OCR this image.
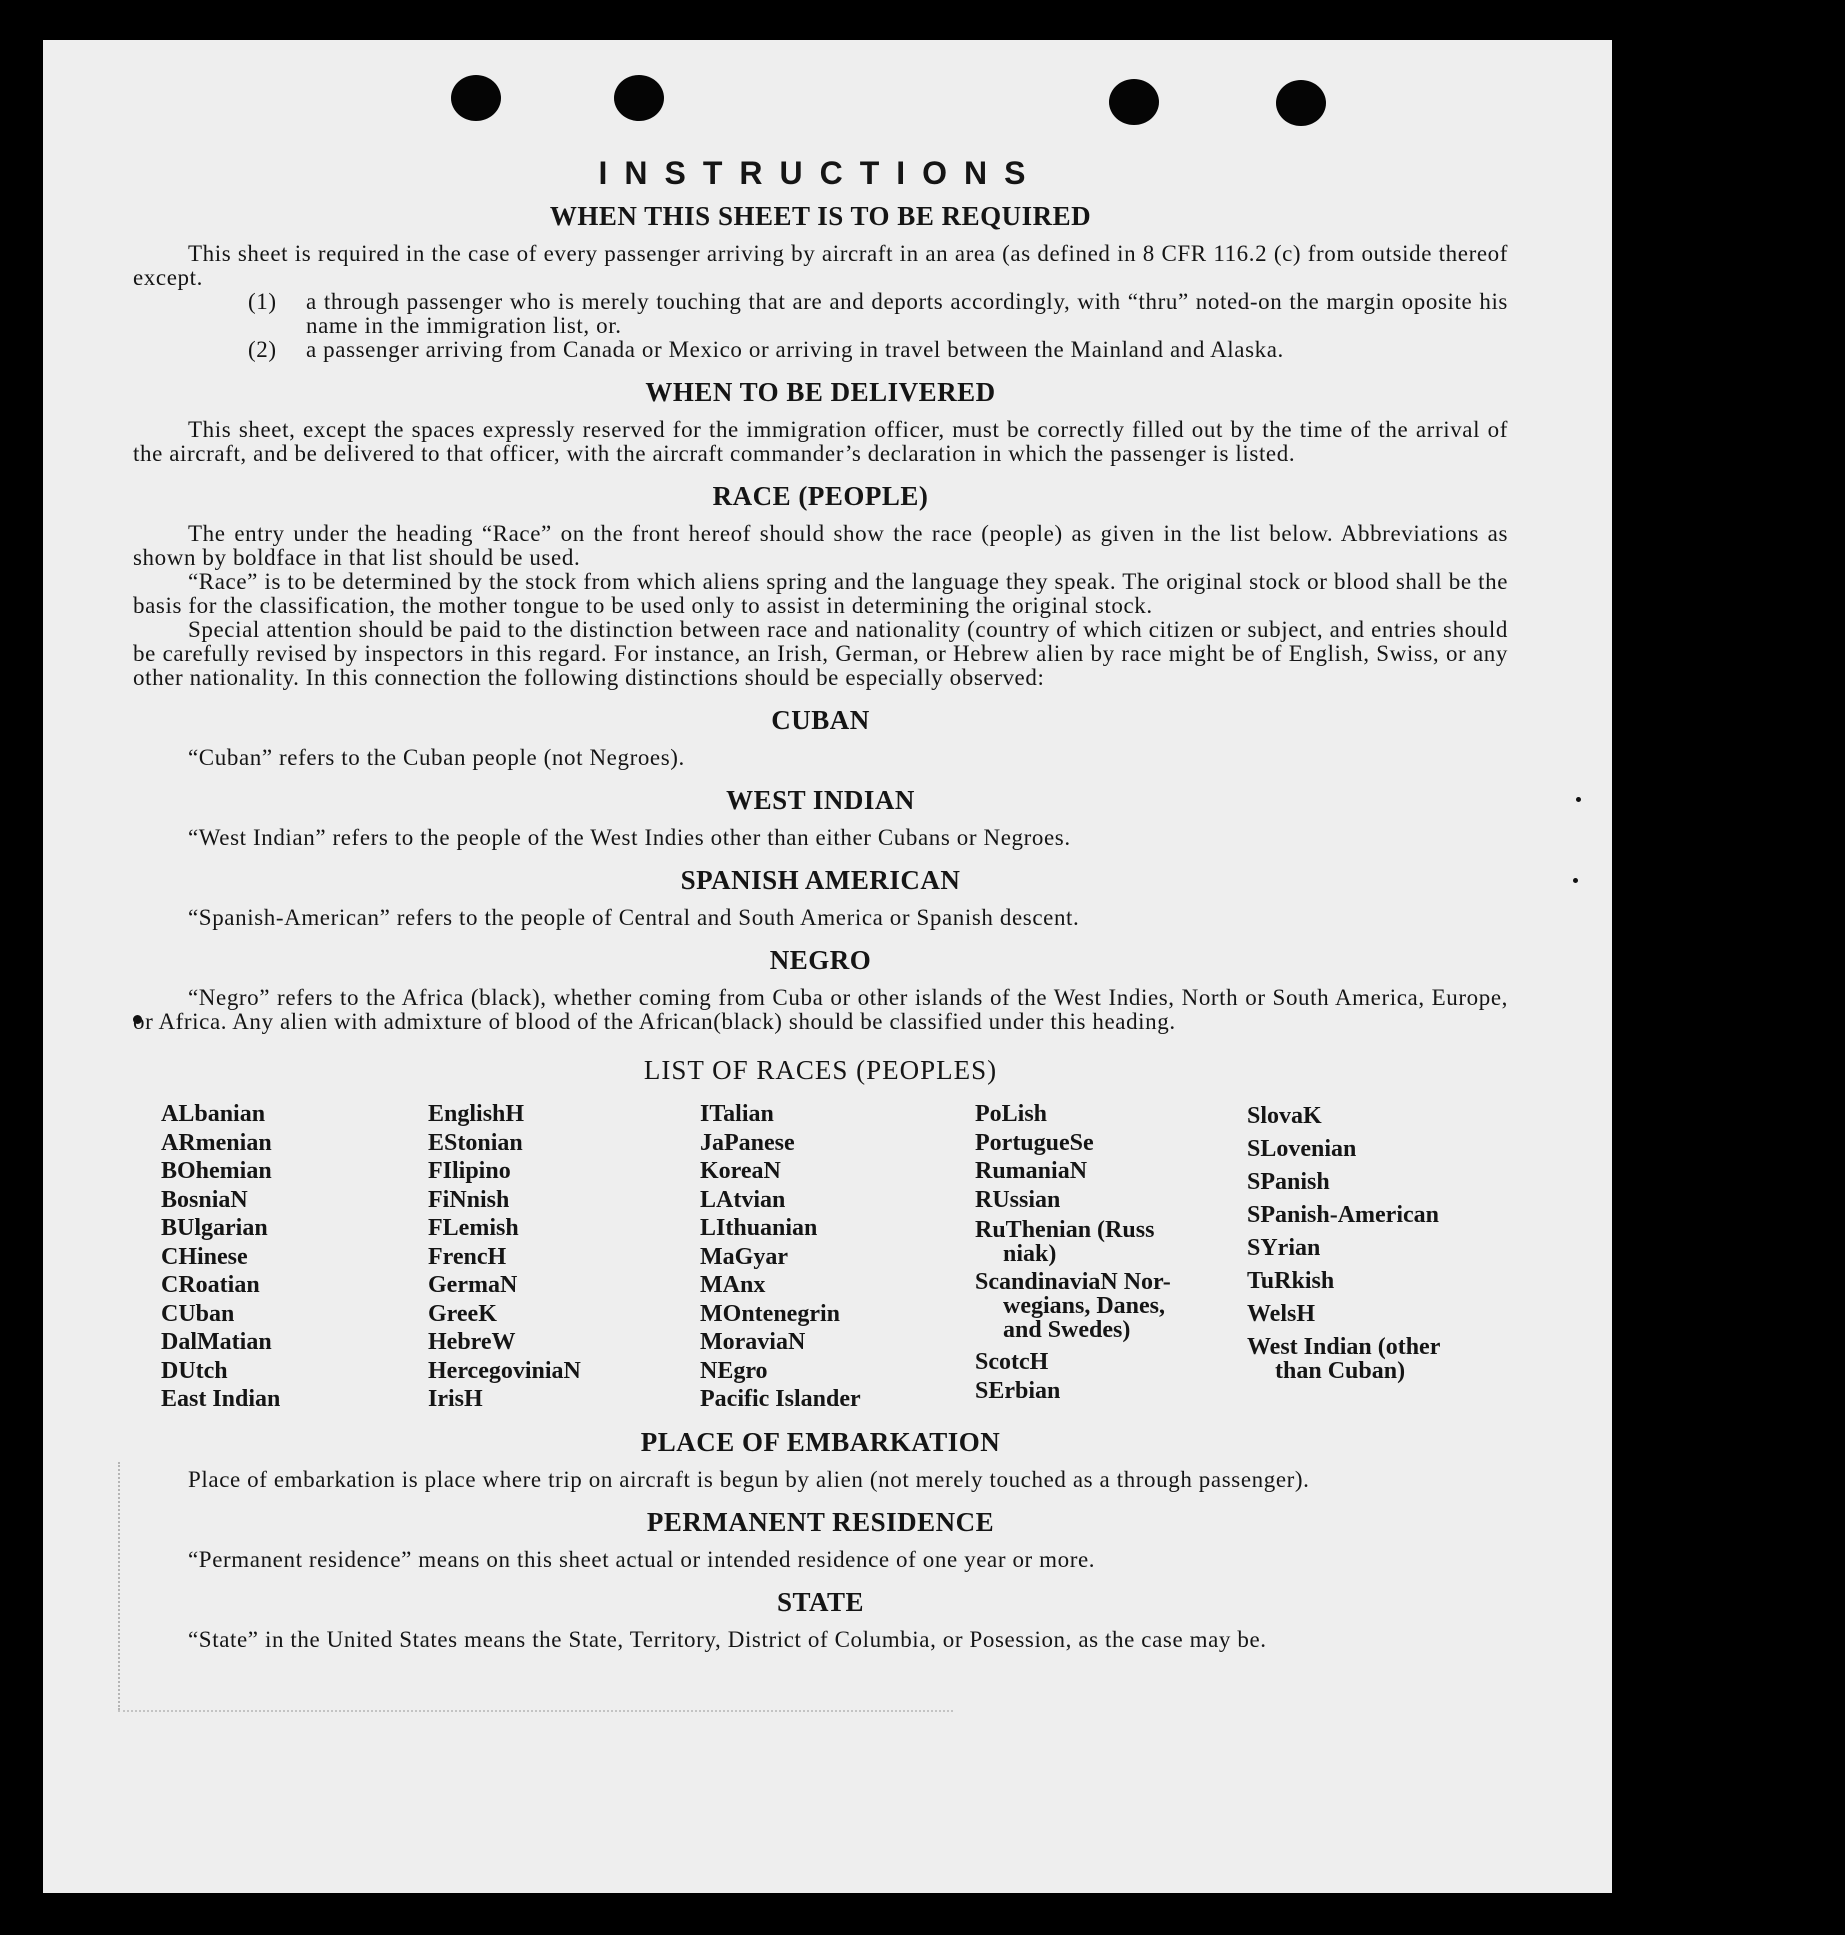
INSTRUCTIONS
WHEN THIS SHEET IS TO BE REQUIRED

This sheet is required in the case of every passenger arriving by aircraft in an area (as defined in 8 CFR 116.2 (c) from outside thereof except.

(1)	a through passenger who is merely touching that are and deports accordingly, with “thru” noted-on the margin oposite his name in the immigration list, or.
(2)	a passenger arriving from Canada or Mexico or arriving in travel between the Mainland and Alaska.
WHEN TO BE DELIVERED

This sheet, except the spaces expressly reserved for the immigration officer, must be correctly filled out by the time of the arrival of the aircraft, and be delivered to that officer, with the aircraft commander’s declaration in which the passenger is listed.

RACE (PEOPLE)

The entry under the heading “Race” on the front hereof should show the race (people) as given in the list below. Abbreviations as shown by boldface in that list should be used.

“Race” is to be determined by the stock from which aliens spring and the language they speak. The original stock or blood shall be the basis for the classification, the mother tongue to be used only to assist in determining the original stock.

Special attention should be paid to the distinction between race and nationality (country of which citizen or subject, and entries should be carefully revised by inspectors in this regard. For instance, an Irish, German, or Hebrew alien by race might be of English, Swiss, or any other nationality. In this connection the following distinctions should be especially observed:

CUBAN

“Cuban” refers to the Cuban people (not Negroes).

WEST INDIAN

“West Indian” refers to the people of the West Indies other than either Cubans or Negroes.

SPANISH AMERICAN

“Spanish-American” refers to the people of Central and South America or Spanish descent.

NEGRO

“Negro” refers to the Africa (black), whether coming from Cuba or other islands of the West Indies, North or South America, Europe, or Africa. Any alien with admixture of blood of the African(black) should be classified under this heading.

LIST OF RACES (PEOPLES)
ALbanian
ARmenian
BOhemian
BosniaN
BUlgarian
CHinese
CRoatian
CUban
DalMatian
DUtch
East Indian
EnglishH
EStonian
FIlipino
FiNnish
FLemish
FrencH
GermaN
GreeK
HebreW
HercegoviniaN
IrisH
ITalian
JaPanese
KoreaN
LAtvian
LIthuanian
MaGyar
MAnx
MOntenegrin
MoraviaN
NEgro
Pacific Islander
PoLish
PortugueSe
RumaniaN
RUssian
RuThenian (Russ
niak)
ScandinaviaN Nor-
wegians, Danes,
and Swedes)
ScotcH
SErbian
SlovaK
SLovenian
SPanish
SPanish-American
SYrian
TuRkish
WelsH
West Indian (other
than Cuban)
PLACE OF EMBARKATION

Place of embarkation is place where trip on aircraft is begun by alien (not merely touched as a through passenger).

PERMANENT RESIDENCE

“Permanent residence” means on this sheet actual or intended residence of one year or more.

STATE

“State” in the United States means the State, Territory, District of Columbia, or Posession, as the case may be.
